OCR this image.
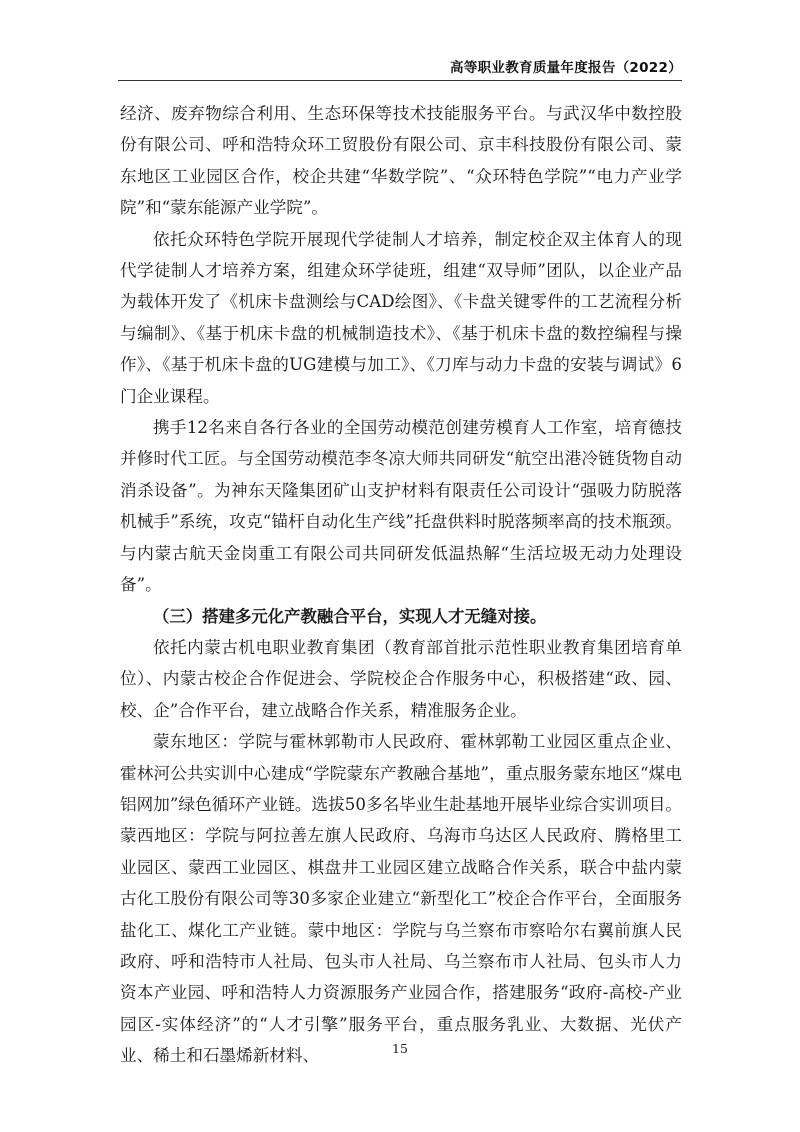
高等职业教育质量年度报告（2022）

经济、废弃物综合利用、生态环保等技术技能服务平台。与武汉华中数控股份有限公司、呼和浩特众环工贸股份有限公司、京丰科技股份有限公司、蒙东地区工业园区合作，校企共建“华数学院”、“众环特色学院”“电力产业学院”和“蒙东能源产业学院”。

依托众环特色学院开展现代学徒制人才培养，制定校企双主体育人的现代学徒制人才培养方案，组建众环学徒班，组建“双导师”团队，以企业产品为载体开发了《机床卡盘测绘与CAD绘图》、《卡盘关键零件的工艺流程分析与编制》、《基于机床卡盘的机械制造技术》、《基于机床卡盘的数控编程与操作》、《基于机床卡盘的UG建模与加工》、《刀库与动力卡盘的安装与调试》6门企业课程。

携手12名来自各行各业的全国劳动模范创建劳模育人工作室，培育德技并修时代工匠。与全国劳动模范李冬凉大师共同研发“航空出港冷链货物自动消杀设备”。为神东天隆集团矿山支护材料有限责任公司设计“强吸力防脱落机械手”系统，攻克“锚杆自动化生产线”托盘供料时脱落频率高的技术瓶颈。与内蒙古航天金岗重工有限公司共同研发低温热解“生活垃圾无动力处理设备”。

（三）搭建多元化产教融合平台，实现人才无缝对接。

依托内蒙古机电职业教育集团（教育部首批示范性职业教育集团培育单位）、内蒙古校企合作促进会、学院校企合作服务中心，积极搭建“政、园、校、企”合作平台，建立战略合作关系，精准服务企业。

蒙东地区：学院与霍林郭勒市人民政府、霍林郭勒工业园区重点企业、霍林河公共实训中心建成“学院蒙东产教融合基地”，重点服务蒙东地区“煤电铝网加”绿色循环产业链。选拔50多名毕业生赴基地开展毕业综合实训项目。蒙西地区：学院与阿拉善左旗人民政府、乌海市乌达区人民政府、腾格里工业园区、蒙西工业园区、棋盘井工业园区建立战略合作关系，联合中盐内蒙古化工股份有限公司等30多家企业建立“新型化工”校企合作平台，全面服务盐化工、煤化工产业链。蒙中地区：学院与乌兰察布市察哈尔右翼前旗人民政府、呼和浩特市人社局、包头市人社局、乌兰察布市人社局、包头市人力资本产业园、呼和浩特人力资源服务产业园合作，搭建服务“政府-高校-产业园区-实体经济”的“人才引擎”服务平台，重点服务乳业、大数据、光伏产业、稀土和石墨烯新材料、	15
